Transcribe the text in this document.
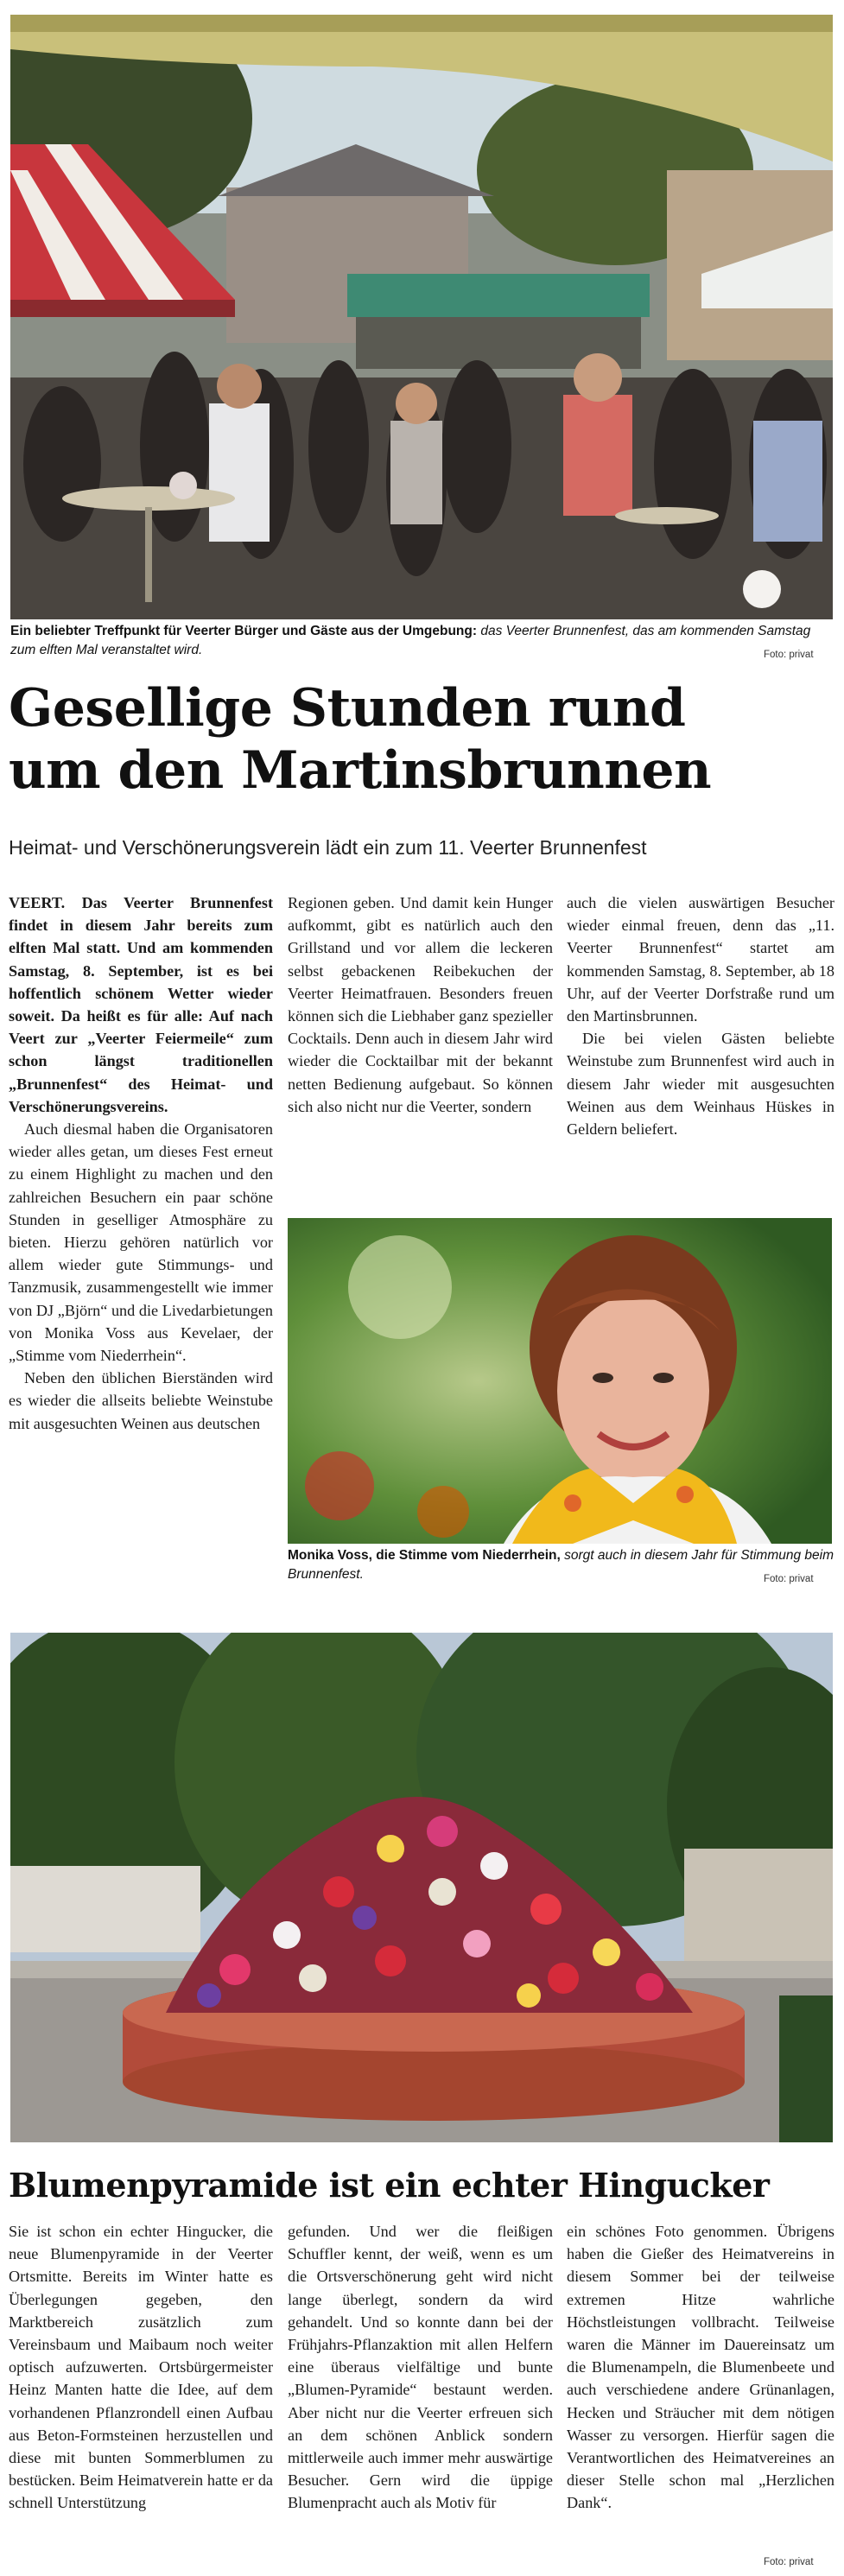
Ein beliebter Treffpunkt für Veerter Bürger und Gäste aus der Umgebung: das Veerter Brunnenfest, das am kommenden Samstag zum elften Mal veranstaltet wird.	Foto: privat
Gesellige Stunden rund
um den Martinsbrunnen
Heimat- und Verschönerungsverein lädt ein zum 11. Veerter Brunnenfest

VEERT. Das Veerter Brunnenfest findet in diesem Jahr bereits zum elften Mal statt. Und am kommenden Samstag, 8. September, ist es bei hoffentlich schönem Wetter wieder soweit. Da heißt es für alle: Auf nach Veert zur „Veerter Feiermeile“ zum schon längst traditionellen „Brunnenfest“ des Heimat- und Verschönerungsvereins.

Auch diesmal haben die Organisatoren wieder alles getan, um dieses Fest erneut zu einem Highlight zu machen und den zahlreichen Besuchern ein paar schöne Stunden in geselliger Atmosphäre zu bieten. Hierzu gehören natürlich vor allem wieder gute Stimmungs- und Tanzmusik, zusammengestellt wie immer von DJ „Björn“ und die Livedarbietungen von Monika Voss aus Kevelaer, der „Stimme vom Niederrhein“.

Neben den üblichen Bierständen wird es wieder die allseits beliebte Weinstube mit ausgesuchten Weinen aus deutschen

Regionen geben. Und damit kein Hunger aufkommt, gibt es natürlich auch den Grillstand und vor allem die leckeren selbst gebackenen Reibekuchen der Veerter Heimatfrauen. Besonders freuen können sich die Liebhaber ganz spezieller Cocktails. Denn auch in diesem Jahr wird wieder die Cocktailbar mit der bekannt netten Bedienung aufgebaut. So können sich also nicht nur die Veerter, sondern

auch die vielen auswärtigen Besucher wieder einmal freuen, denn das „11. Veerter Brunnenfest“ startet am kommenden Samstag, 8. September, ab 18 Uhr, auf der Veerter Dorfstraße rund um den Martinsbrunnen.

Die bei vielen Gästen beliebte Weinstube zum Brunnenfest wird auch in diesem Jahr wieder mit ausgesuchten Weinen aus dem Weinhaus Hüskes in Geldern beliefert.

Monika Voss, die Stimme vom Niederrhein, sorgt auch in diesem Jahr für Stimmung beim Brunnenfest.	Foto: privat
Blumenpyramide ist ein echter Hingucker

Sie ist schon ein echter Hingucker, die neue Blumenpyramide in der Veerter Ortsmitte. Bereits im Winter hatte es Überlegungen gegeben, den Marktbereich zusätzlich zum Vereinsbaum und Maibaum noch weiter optisch aufzuwerten. Ortsbürgermeister Heinz Manten hatte die Idee, auf dem vorhandenen Pflanzrondell einen Aufbau aus Beton-Formsteinen herzustellen und diese mit bunten Sommerblumen zu bestücken. Beim Heimatverein hatte er da schnell Unterstützung

gefunden. Und wer die fleißigen Schuffler kennt, der weiß, wenn es um die Ortsverschönerung geht wird nicht lange überlegt, sondern da wird gehandelt. Und so konnte dann bei der Frühjahrs-Pflanzaktion mit allen Helfern eine überaus vielfältige und bunte „Blumen-Pyramide“ bestaunt werden. Aber nicht nur die Veerter erfreuen sich an dem schönen Anblick sondern mittlerweile auch immer mehr auswärtige Besucher. Gern wird die üppige Blumenpracht auch als Motiv für

ein schönes Foto genommen. Übrigens haben die Gießer des Heimatvereins in diesem Sommer bei der teilweise extremen Hitze wahrliche Höchstleistungen vollbracht. Teilweise waren die Männer im Dauereinsatz um die Blumenampeln, die Blumenbeete und auch verschiedene andere Grünanlagen, Hecken und Sträucher mit dem nötigen Wasser zu versorgen. Hierfür sagen die Verantwortlichen des Heimatvereines an dieser Stelle schon mal „Herzlichen Dank“.

Foto: privat
